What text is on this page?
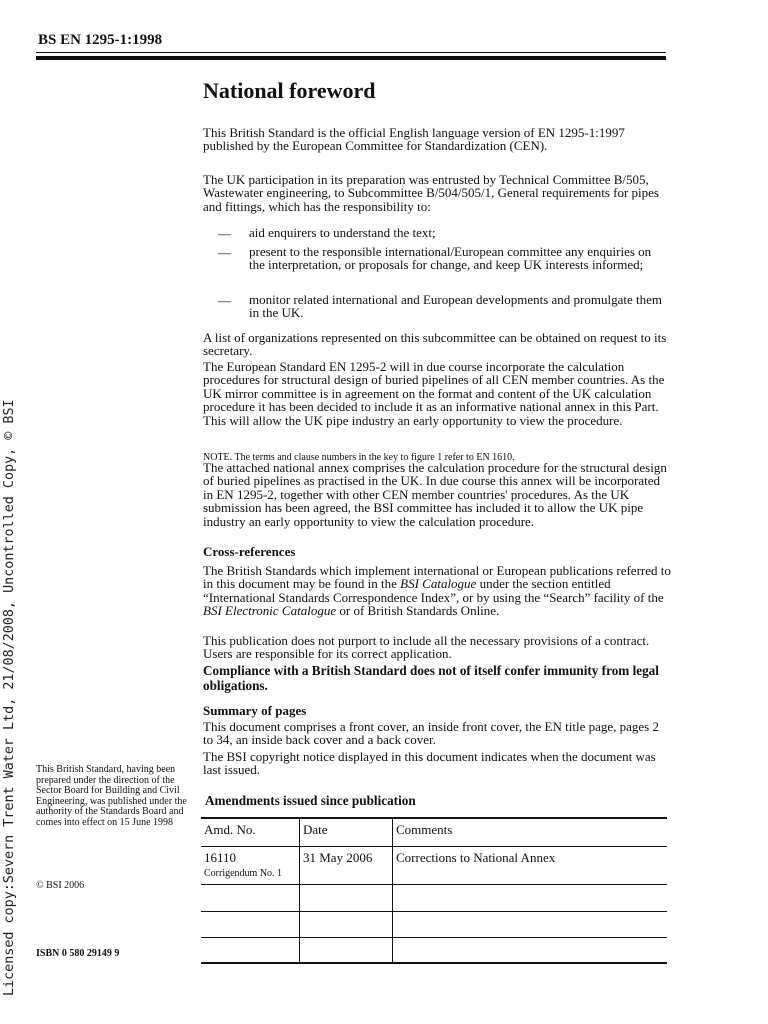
BS EN 1295-1:1998
Licensed copy:Severn Trent Water Ltd, 21/08/2008, Uncontrolled Copy, © BSI
National foreword
This British Standard is the official English language version of EN 1295-1:1997 published by the European Committee for Standardization (CEN).
The UK participation in its preparation was entrusted by Technical Committee B/505, Wastewater engineering, to Subcommittee B/504/505/1, General requirements for pipes and fittings, which has the responsibility to:
— aid enquirers to understand the text;
— present to the responsible international/European committee any enquiries on the interpretation, or proposals for change, and keep UK interests informed;
— monitor related international and European developments and promulgate them in the UK.
A list of organizations represented on this subcommittee can be obtained on request to its secretary.
The European Standard EN 1295-2 will in due course incorporate the calculation procedures for structural design of buried pipelines of all CEN member countries. As the UK mirror committee is in agreement on the format and content of the UK calculation procedure it has been decided to include it as an informative national annex in this Part. This will allow the UK pipe industry an early opportunity to view the procedure.
NOTE. The terms and clause numbers in the key to figure 1 refer to EN 1610.
The attached national annex comprises the calculation procedure for the structural design of buried pipelines as practised in the UK. In due course this annex will be incorporated in EN 1295-2, together with other CEN member countries' procedures. As the UK submission has been agreed, the BSI committee has included it to allow the UK pipe industry an early opportunity to view the calculation procedure.
Cross-references
The British Standards which implement international or European publications referred to in this document may be found in the BSI Catalogue under the section entitled “International Standards Correspondence Index”, or by using the “Search” facility of the BSI Electronic Catalogue or of British Standards Online.
This publication does not purport to include all the necessary provisions of a contract. Users are responsible for its correct application.
Compliance with a British Standard does not of itself confer immunity from legal obligations.
Summary of pages
This document comprises a front cover, an inside front cover, the EN title page, pages 2 to 34, an inside back cover and a back cover.
The BSI copyright notice displayed in this document indicates when the document was last issued.
This British Standard, having been prepared under the direction of the Sector Board for Building and Civil Engineering, was published under the authority of the Standards Board and comes into effect on 15 June 1998
© BSI 2006
ISBN 0 580 29149 9
Amendments issued since publication
Amd. No.	Date	Comments
16110
Corrigendum No. 1	31 May 2006	Corrections to National Annex
